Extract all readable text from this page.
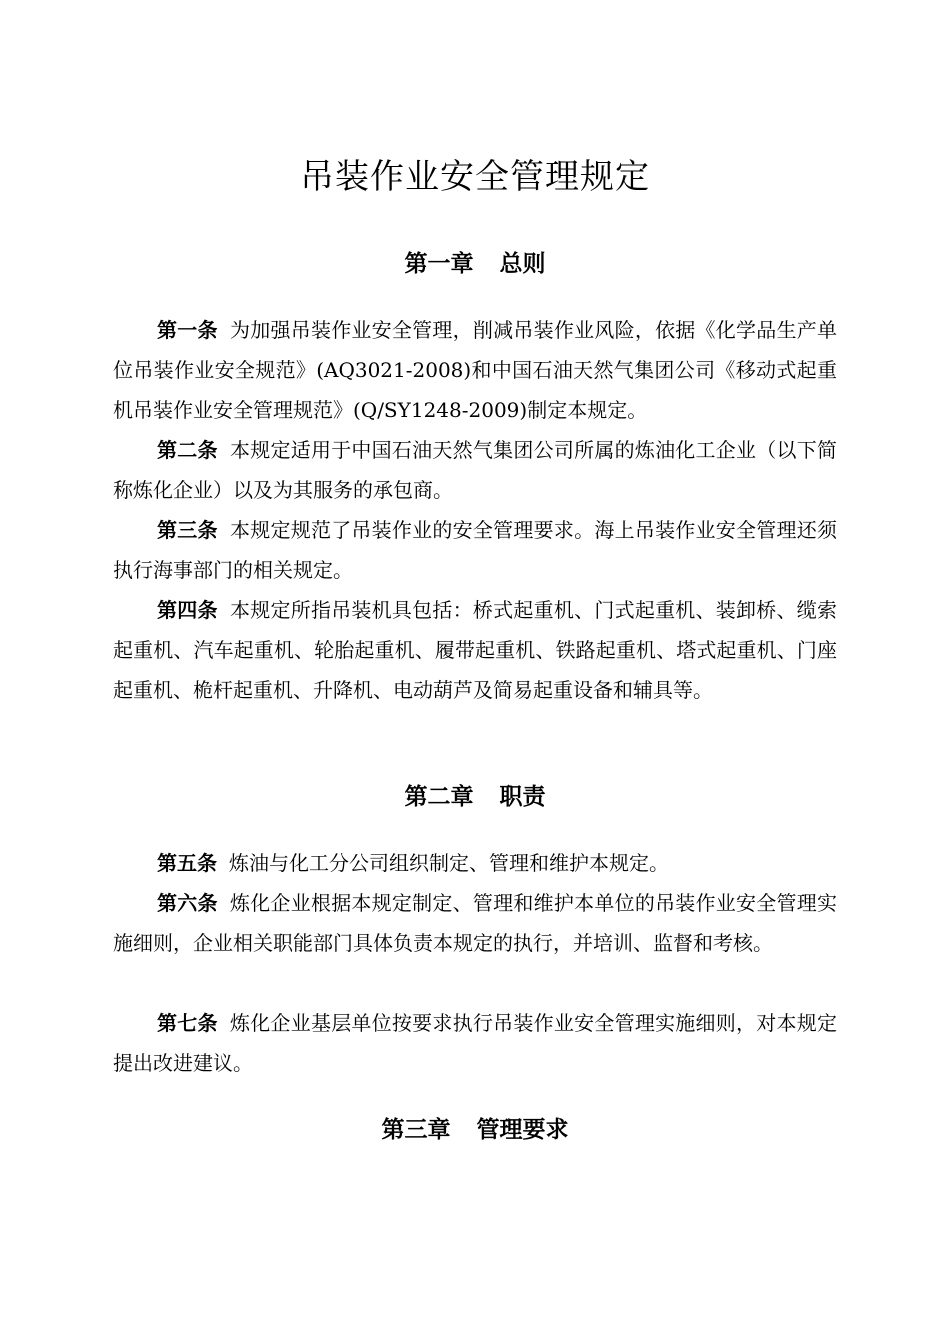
吊装作业安全管理规定
第一章 总则

第一条 为加强吊装作业安全管理，削减吊装作业风险，依据《化学品生产单位吊装作业安全规范》(AQ3021-2008)和中国石油天然气集团公司《移动式起重机吊装作业安全管理规范》(Q/SY1248-2009)制定本规定。

第二条 本规定适用于中国石油天然气集团公司所属的炼油化工企业（以下简称炼化企业）以及为其服务的承包商。

第三条 本规定规范了吊装作业的安全管理要求。海上吊装作业安全管理还须执行海事部门的相关规定。

第四条 本规定所指吊装机具包括：桥式起重机、门式起重机、装卸桥、缆索起重机、汽车起重机、轮胎起重机、履带起重机、铁路起重机、塔式起重机、门座起重机、桅杆起重机、升降机、电动葫芦及简易起重设备和辅具等。

第二章 职责

第五条 炼油与化工分公司组织制定、管理和维护本规定。

第六条 炼化企业根据本规定制定、管理和维护本单位的吊装作业安全管理实施细则，企业相关职能部门具体负责本规定的执行，并培训、监督和考核。

第七条 炼化企业基层单位按要求执行吊装作业安全管理实施细则，对本规定提出改进建议。

第三章 管理要求
